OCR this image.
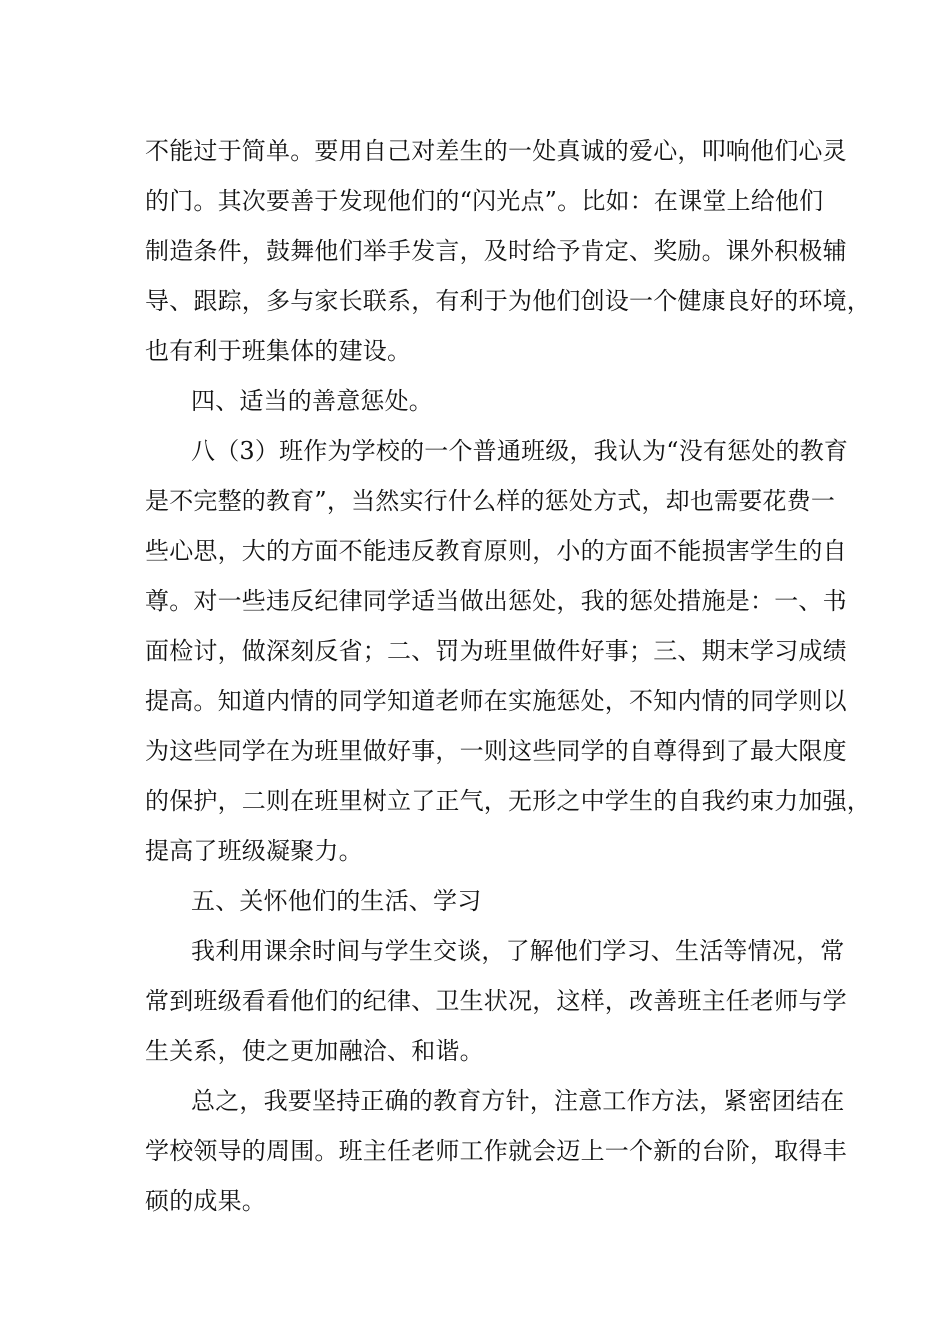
不能过于简单。要用自己对差生的一处真诚的爱心，叩响他们心灵
的门。其次要善于发现他们的“闪光点”。比如：在课堂上给他们
制造条件，鼓舞他们举手发言，及时给予肯定、奖励。课外积极辅
导、跟踪，多与家长联系，有利于为他们创设一个健康良好的环境，
也有利于班集体的建设。
四、适当的善意惩处。
八（3）班作为学校的一个普通班级，我认为“没有惩处的教育
是不完整的教育”，当然实行什么样的惩处方式，却也需要花费一
些心思，大的方面不能违反教育原则，小的方面不能损害学生的自
尊。对一些违反纪律同学适当做出惩处，我的惩处措施是：一、书
面检讨，做深刻反省；二、罚为班里做件好事；三、期末学习成绩
提高。知道内情的同学知道老师在实施惩处，不知内情的同学则以
为这些同学在为班里做好事，一则这些同学的自尊得到了最大限度
的保护，二则在班里树立了正气，无形之中学生的自我约束力加强，
提高了班级凝聚力。
五、关怀他们的生活、学习
我利用课余时间与学生交谈，了解他们学习、生活等情况，常
常到班级看看他们的纪律、卫生状况，这样，改善班主任老师与学
生关系，使之更加融洽、和谐。
总之，我要坚持正确的教育方针，注意工作方法，紧密团结在
学校领导的周围。班主任老师工作就会迈上一个新的台阶，取得丰
硕的成果。
